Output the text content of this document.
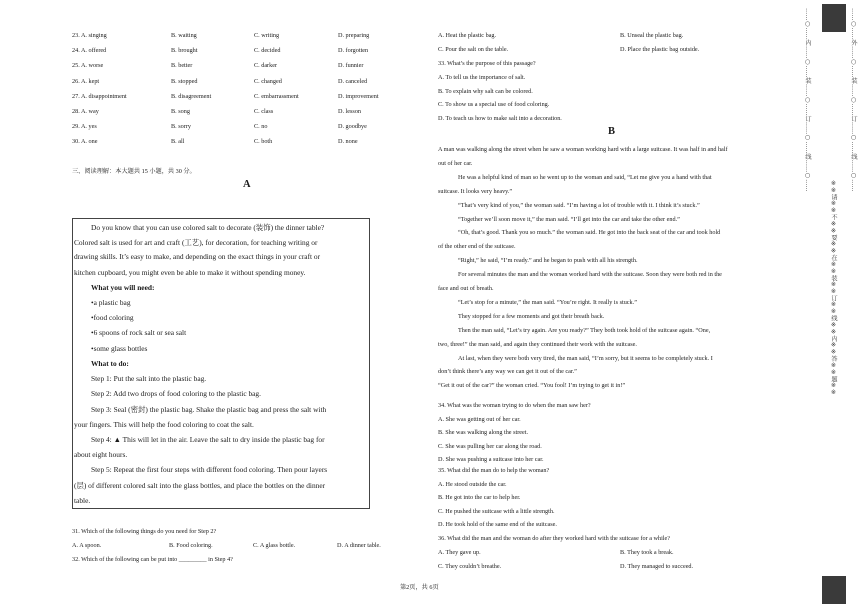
三、阅读理解：本大题共 15 小题，共 30 分。
A
31. Which of the following things do you need for Step 2?
32. Which of the following can be put into _________ in Step 4?
B
第2页，共 6页
……○……内……○……装……○……订……○……线……○……
※※请※※不※※要※※在※※装※※订※※线※※内※※答※※题※※
……○……外……○……装……○……订……○……线……○……
23. A. singing	B. waiting	C. writing	D. preparing
24. A. offered	B. brought	C. decided	D. forgotten
25. A. worse	B. better	C. darker	D. funnier
26. A. kept	B. stopped	C. changed	D. canceled
27. A. disappointment	B. disagreement	C. embarrassment	D. improvement
28. A. way	B. song	C. class	D. lesson
29. A. yes	B. sorry	C. no	D. goodbye
30. A. one	B. all	C. both	D. none
Do you know that you can use colored salt to decorate (装饰) the dinner table?
Colored salt is used for art and craft (工艺), for decoration, for teaching writing or
drawing skills. It’s easy to make, and depending on the exact things in your craft or
kitchen cupboard, you might even be able to make it without spending money.
What you will need:
•a plastic bag
•food coloring
•6 spoons of rock salt or sea salt
•some glass bottles
What to do:
Step 1: Put the salt into the plastic bag.
Step 2: Add two drops of food coloring to the plastic bag.
Step 3: Seal (密封) the plastic bag. Shake the plastic bag and press the salt with
your fingers. This will help the food coloring to coat the salt.
Step 4: ▲ This will let in the air. Leave the salt to dry inside the plastic bag for
about eight hours.
Step 5: Repeat the first four steps with different food coloring. Then pour layers
(层) of different colored salt into the glass bottles, and place the bottles on the dinner
table.
A. A spoon.	B. Food coloring.	C. A glass bottle.	D. A dinner table.
A. Heat the plastic bag.	B. Unseal the plastic bag.
C. Pour the salt on the table.	D. Place the plastic bag outside.
33. What’s the purpose of this passage?
A. To tell us the importance of salt.
B. To explain why salt can be colored.
C. To show us a special use of food coloring.
D. To teach us how to make salt into a decoration.
A man was walking along the street when he saw a woman working hard with a large suitcase. It was half in and half
out of her car.
He was a helpful kind of man so he went up to the woman and said, “Let me give you a hand with that
suitcase. It looks very heavy.”
“That’s very kind of you,” the woman said. “I’m having a lot of trouble with it. I think it’s stuck.”
“Together we’ll soon move it,” the man said. “I’ll get into the car and take the other end.”
“Oh, that’s good. Thank you so much.” the woman said. He got into the back seat of the car and took hold
of the other end of the suitcase.
“Right,” he said, “I’m ready.” and he began to push with all his strength.
For several minutes the man and the woman worked hard with the suitcase. Soon they were both red in the
face and out of breath.
“Let’s stop for a minute,” the man said. “You’re right. It really is stuck.”
They stopped for a few moments and got their breath back.
Then the man said, “Let’s try again. Are you ready?” They both took hold of the suitcase again. “One,
two, three!” the man said, and again they continued their work with the suitcase.
At last, when they were both very tired, the man said, “I’m sorry, but it seems to be completely stuck. I
don’t think there’s any way we can get it out of the car.”
“Get it out of the car?” the woman cried. “You fool! I’m trying to get it in!”
34. What was the woman trying to do when the man saw her?
A. She was getting out of her car.
B. She was walking along the street.
C. She was pulling her car along the road.
D. She was pushing a suitcase into her car.
35. What did the man do to help the woman?
A. He stood outside the car.
B. He got into the car to help her.
C. He pushed the suitcase with a little strength.
D. He took hold of the same end of the suitcase.
36. What did the man and the woman do after they worked hard with the suitcase for a while?
A. They gave up.	B. They took a break.
C. They couldn’t breathe.	D. They managed to succeed.
